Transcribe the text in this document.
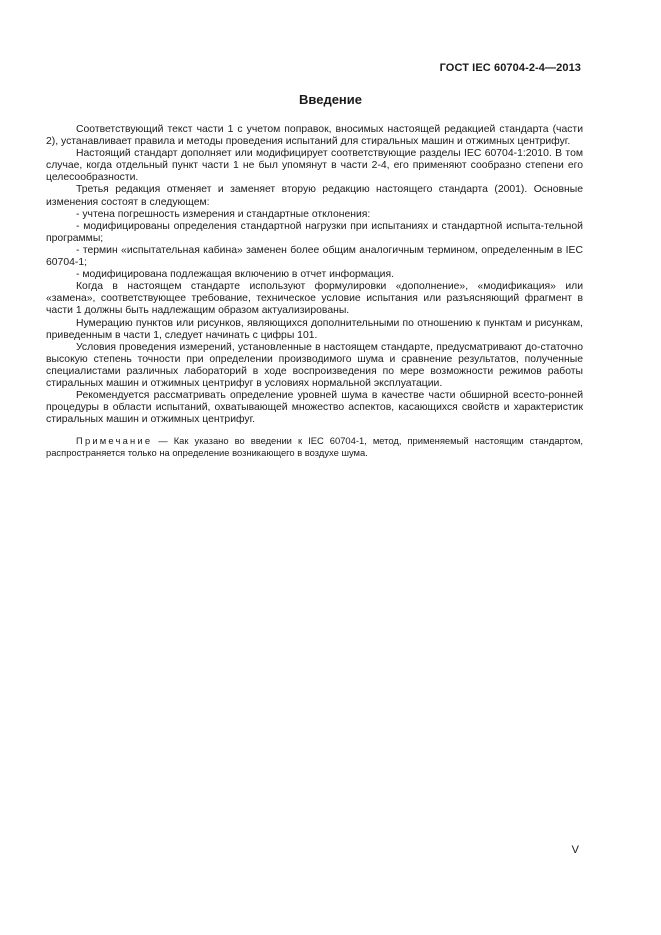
ГОСТ IEC 60704-2-4—2013
Введение

Соответствующий текст части 1 с учетом поправок, вносимых настоящей редакцией стандарта (части 2), устанавливает правила и методы проведения испытаний для стиральных машин и отжимных центрифуг.

Настоящий стандарт дополняет или модифицирует соответствующие разделы IEC 60704-1:2010. В том случае, когда отдельный пункт части 1 не был упомянут в части 2-4, его применяют сообразно степени его целесообразности.

Третья редакция отменяет и заменяет вторую редакцию настоящего стандарта (2001). Основные изменения состоят в следующем:

- учтена погрешность измерения и стандартные отклонения:

- модифицированы определения стандартной нагрузки при испытаниях и стандартной испыта-тельной программы;

- термин «испытательная кабина» заменен более общим аналогичным термином, определенным в IEC 60704-1;

- модифицирована подлежащая включению в отчет информация.

Когда в настоящем стандарте используют формулировки «дополнение», «модификация» или «замена», соответствующее требование, техническое условие испытания или разъясняющий фрагмент в части 1 должны быть надлежащим образом актуализированы.

Нумерацию пунктов или рисунков, являющихся дополнительными по отношению к пунктам и рисункам, приведенным в части 1, следует начинать с цифры 101.

Условия проведения измерений, установленные в настоящем стандарте, предусматривают до-статочно высокую степень точности при определении производимого шума и сравнение результатов, полученные специалистами различных лабораторий в ходе воспроизведения по мере возможности режимов работы стиральных машин и отжимных центрифуг в условиях нормальной эксплуатации.

Рекомендуется рассматривать определение уровней шума в качестве части обширной всесто-ронней процедуры в области испытаний, охватывающей множество аспектов, касающихся свойств и характеристик стиральных машин и отжимных центрифуг.

Примечание — Как указано во введении к IEC 60704-1, метод, применяемый настоящим стандартом, распространяется только на определение возникающего в воздухе шума.

V
